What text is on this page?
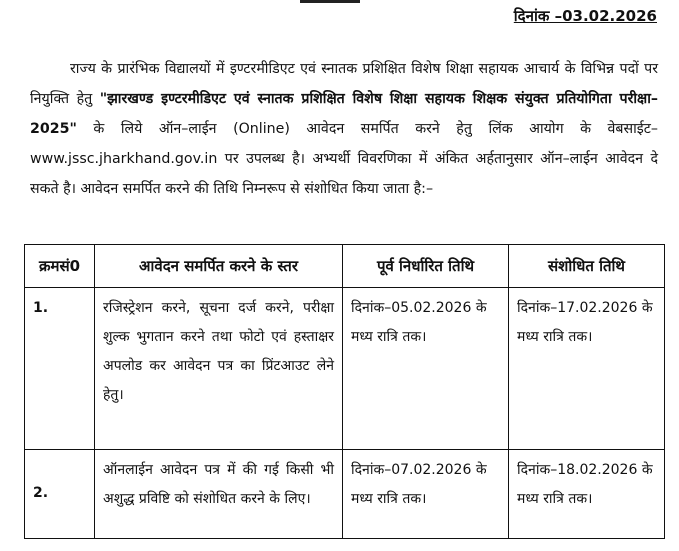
दिनांक –03.02.2026

राज्य के प्रारंभिक विद्यालयों में इण्टरमीडिएट एवं स्नातक प्रशिक्षित विशेष शिक्षा सहायक आचार्य के विभिन्न पदों पर नियुक्ति हेतु "झारखण्ड इण्टरमीडिएट एवं स्नातक प्रशिक्षित विशेष शिक्षा सहायक शिक्षक संयुक्त प्रतियोगिता परीक्षा–2025" के लिये ऑन–लाईन (Online) आवेदन समर्पित करने हेतु लिंक आयोग के वेबसाईट– www.jssc.jharkhand.gov.in पर उपलब्ध है। अभ्यर्थी विवरणिका में अंकित अर्हतानुसार ऑन–लाईन आवेदन दे सकते है। आवेदन समर्पित करने की तिथि निम्नरूप से संशोधित किया जाता है:–

क्रमसं0	आवेदन समर्पित करने के स्तर	पूर्व निर्धारित तिथि	संशोधित तिथि
1.	रजिस्ट्रेशन करने, सूचना दर्ज करने, परीक्षा शुल्क भुगतान करने तथा फोटो एवं हस्ताक्षर अपलोड कर आवेदन पत्र का प्रिंटआउट लेने हेतु।	दिनांक–05.02.2026 के मध्य रात्रि तक।	दिनांक–17.02.2026 के मध्य रात्रि तक।
2.	ऑनलाईन आवेदन पत्र में की गई किसी भी अशुद्ध प्रविष्टि को संशोधित करने के लिए।	दिनांक–07.02.2026 के मध्य रात्रि तक।	दिनांक–18.02.2026 के मध्य रात्रि तक।
